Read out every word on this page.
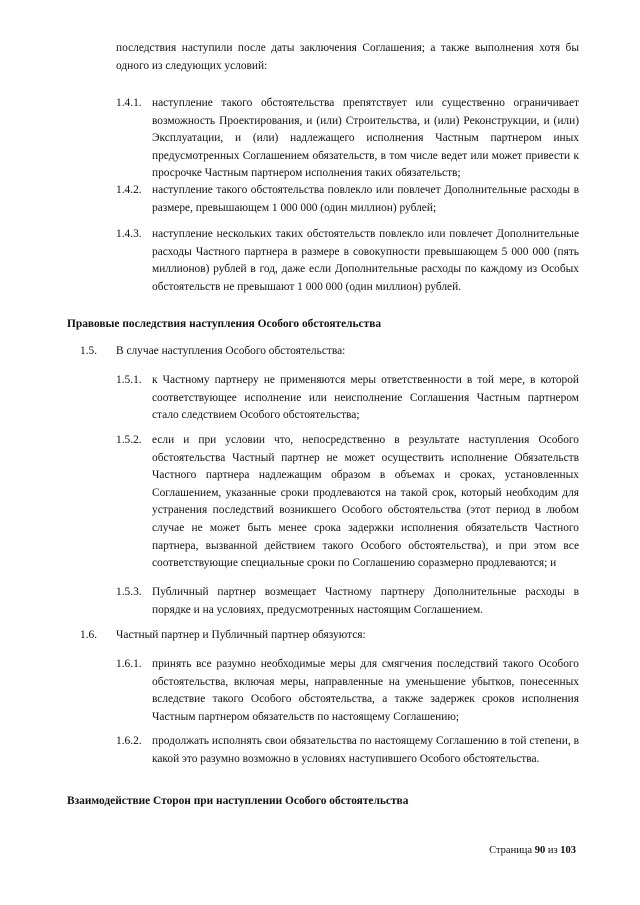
последствия наступили после даты заключения Соглашения; а также выполнения хотя бы одного из следующих условий:

1.4.1. наступление такого обстоятельства препятствует или существенно ограничивает возможность Проектирования, и (или) Строительства, и (или) Реконструкции, и (или) Эксплуатации, и (или) надлежащего исполнения Частным партнером иных предусмотренных Соглашением обязательств, в том числе ведет или может привести к просрочке Частным партнером исполнения таких обязательств;

1.4.2. наступление такого обстоятельства повлекло или повлечет Дополнительные расходы в размере, превышающем 1 000 000 (один миллион) рублей;

1.4.3. наступление нескольких таких обстоятельств повлекло или повлечет Дополнительные расходы Частного партнера в размере в совокупности превышающем 5 000 000 (пять миллионов) рублей в год, даже если Дополнительные расходы по каждому из Особых обстоятельств не превышают 1 000 000 (один миллион) рублей.

Правовые последствия наступления Особого обстоятельства
1.5. В случае наступления Особого обстоятельства:

1.5.1. к Частному партнеру не применяются меры ответственности в той мере, в которой соответствующее исполнение или неисполнение Соглашения Частным партнером стало следствием Особого обстоятельства;

1.5.2. если и при условии что, непосредственно в результате наступления Особого обстоятельства Частный партнер не может осуществить исполнение Обязательств Частного партнера надлежащим образом в объемах и сроках, установленных Соглашением, указанные сроки продлеваются на такой срок, который необходим для устранения последствий возникшего Особого обстоятельства (этот период в любом случае не может быть менее срока задержки исполнения обязательств Частного партнера, вызванной действием такого Особого обстоятельства), и при этом все соответствующие специальные сроки по Соглашению соразмерно продлеваются; и

1.5.3. Публичный партнер возмещает Частному партнеру Дополнительные расходы в порядке и на условиях, предусмотренных настоящим Соглашением.

1.6. Частный партнер и Публичный партнер обязуются:

1.6.1. принять все разумно необходимые меры для смягчения последствий такого Особого обстоятельства, включая меры, направленные на уменьшение убытков, понесенных вследствие такого Особого обстоятельства, а также задержек сроков исполнения Частным партнером обязательств по настоящему Соглашению;

1.6.2. продолжать исполнять свои обязательства по настоящему Соглашению в той степени, в какой это разумно возможно в условиях наступившего Особого обстоятельства.

Взаимодействие Сторон при наступлении Особого обстоятельства
Страница 90 из 103
